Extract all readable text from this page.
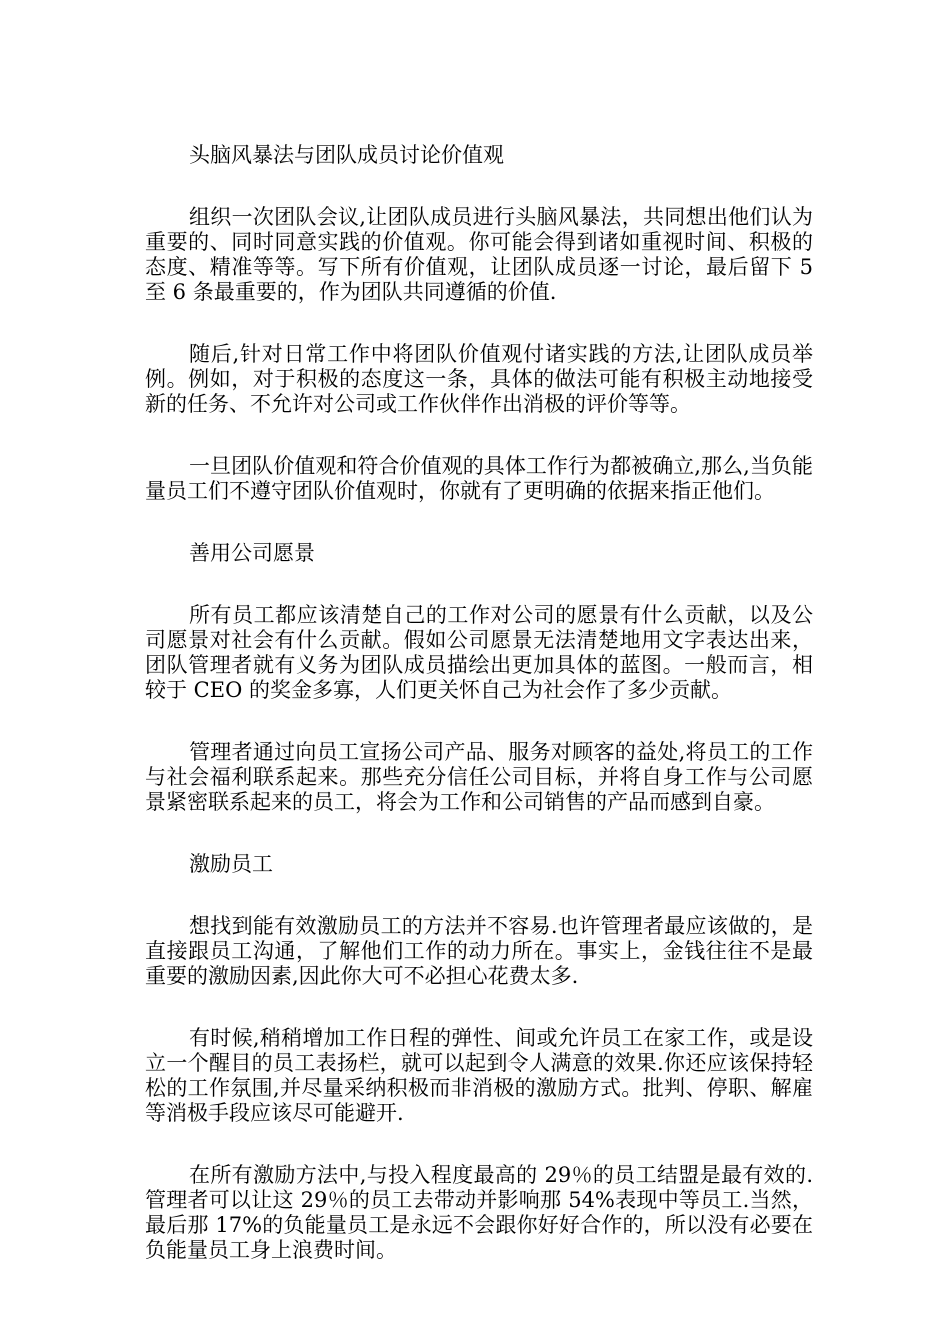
头脑风暴法与团队成员讨论价值观

组织一次团队会议,让团队成员进行头脑风暴法，共同想出他们认为重要的、同时同意实践的价值观。你可能会得到诸如重视时间、积极的态度、精准等等。写下所有价值观，让团队成员逐一讨论，最后留下 5 至 6 条最重要的，作为团队共同遵循的价值.

随后,针对日常工作中将团队价值观付诸实践的方法,让团队成员举例。例如，对于积极的态度这一条，具体的做法可能有积极主动地接受新的任务、不允许对公司或工作伙伴作出消极的评价等等。

一旦团队价值观和符合价值观的具体工作行为都被确立,那么,当负能量员工们不遵守团队价值观时，你就有了更明确的依据来指正他们。

善用公司愿景

所有员工都应该清楚自己的工作对公司的愿景有什么贡献，以及公司愿景对社会有什么贡献。假如公司愿景无法清楚地用文字表达出来，团队管理者就有义务为团队成员描绘出更加具体的蓝图。一般而言，相较于 CEO 的奖金多寡，人们更关怀自己为社会作了多少贡献。

管理者通过向员工宣扬公司产品、服务对顾客的益处,将员工的工作与社会福利联系起来。那些充分信任公司目标，并将自身工作与公司愿景紧密联系起来的员工，将会为工作和公司销售的产品而感到自豪。

激励员工

想找到能有效激励员工的方法并不容易.也许管理者最应该做的，是直接跟员工沟通，了解他们工作的动力所在。事实上，金钱往往不是最重要的激励因素,因此你大可不必担心花费太多.

有时候,稍稍增加工作日程的弹性、间或允许员工在家工作，或是设立一个醒目的员工表扬栏，就可以起到令人满意的效果.你还应该保持轻松的工作氛围,并尽量采纳积极而非消极的激励方式。批判、停职、解雇等消极手段应该尽可能避开.

在所有激励方法中,与投入程度最高的 29％的员工结盟是最有效的.管理者可以让这 29％的员工去带动并影响那 54%表现中等员工.当然，最后那 17%的负能量员工是永远不会跟你好好合作的，所以没有必要在负能量员工身上浪费时间。
